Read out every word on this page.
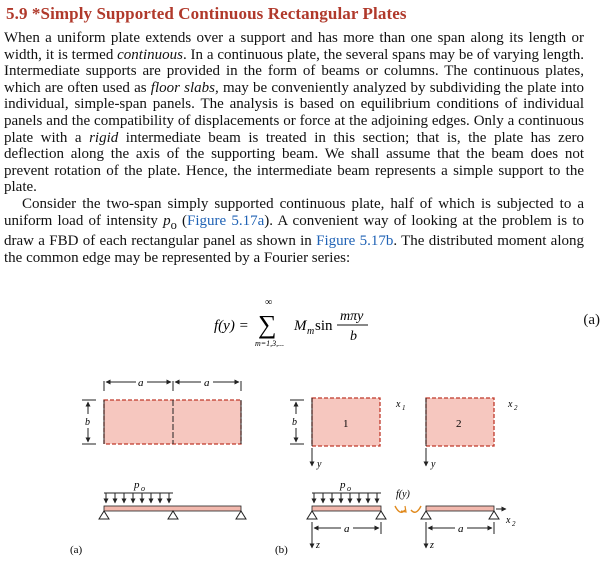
5.9 *Simply Supported Continuous Rectangular Plates

When a uniform plate extends over a support and has more than one span along its length or width, it is termed continuous. In a continuous plate, the several spans may be of varying length. Intermediate supports are provided in the form of beams or columns. The continuous plates, which are often used as floor slabs, may be conveniently analyzed by subdividing the plate into individual, simple-span panels. The analysis is based on equilibrium conditions of individual panels and the compatibility of displacements or force at the adjoining edges. Only a continuous plate with a rigid intermediate beam is treated in this section; that is, the plate has zero deflection along the axis of the supporting beam. We shall assume that the beam does not prevent rotation of the plate. Hence, the intermediate beam represents a simple support to the plate.

Consider the two-span simply supported continuous plate, half of which is subjected to a uniform load of intensity $p_o$ (Figure 5.17a). A convenient way of looking at the problem is to draw a FBD of each rectangular panel as shown in Figure 5.17b. The distributed moment along the common edge may be represented by a Fourier series:

f(y) =
∞
∑
m=1,3,...
M m sin
mπy
b
(a)
a	a
b
p o
(a)
b	1
x 1
y
2
x 2
y
p o
f(y)
x 2
a	a
z	z
(b)
